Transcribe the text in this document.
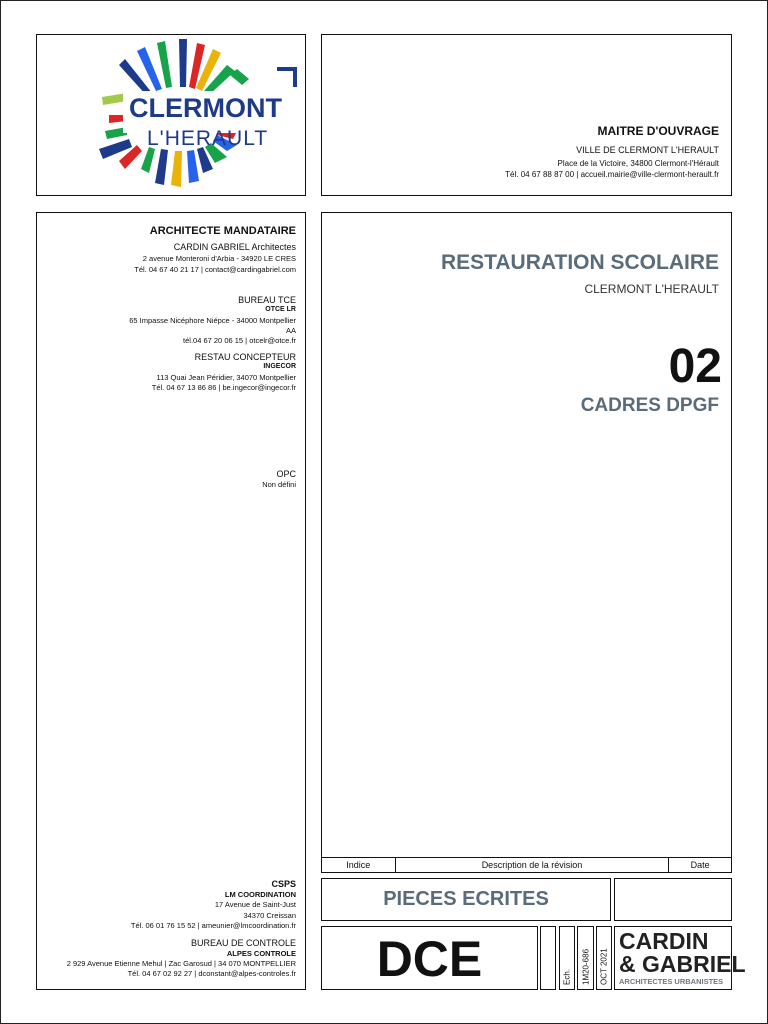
CLERMONT
L'HERAULT	MAITRE D'OUVRAGE
VILLE DE CLERMONT L'HERAULT
Place de la Victoire, 34800 Clermont-l'Hérault
Tél. 04 67 88 87 00 | accueil.mairie@ville-clermont-herault.fr
ARCHITECTE MANDATAIRE
CARDIN GABRIEL Architectes
2 avenue Monteroni d'Arbia - 34920 LE CRES
Tél. 04 67 40 21 17 | contact@cardingabriel.com
BUREAU TCE
OTCE LR
65 Impasse Nicéphore Niépce - 34000 Montpellier
AA
tél.04 67 20 06 15 | otcelr@otce.fr
RESTAU CONCEPTEUR
INGECOR
113 Quai Jean Péridier, 34070 Montpellier
Tél. 04 67 13 86 86 | be.ingecor@ingecor.fr
OPC
Non défini
CSPS
LM COORDINATION
17 Avenue de Saint-Just
34370 Creissan
Tél. 06 01 76 15 52 | ameunier@lmcoordination.fr
BUREAU DE CONTROLE
ALPES CONTROLE
2 929 Avenue Etienne Mehul | Zac Garosud | 34 070 MONTPELLIER
Tél. 04 67 02 92 27 | dconstant@alpes-controles.fr
RESTAURATION SCOLAIRE
CLERMONT L'HERAULT
02
CADRES DPGF
Indice	Description de la révision	Date
PIECES ECRITES
DCE	Ech. 1M20-686 OCT 2021
CARDIN
& GABRIEL
ARCHITECTES URBANISTES
